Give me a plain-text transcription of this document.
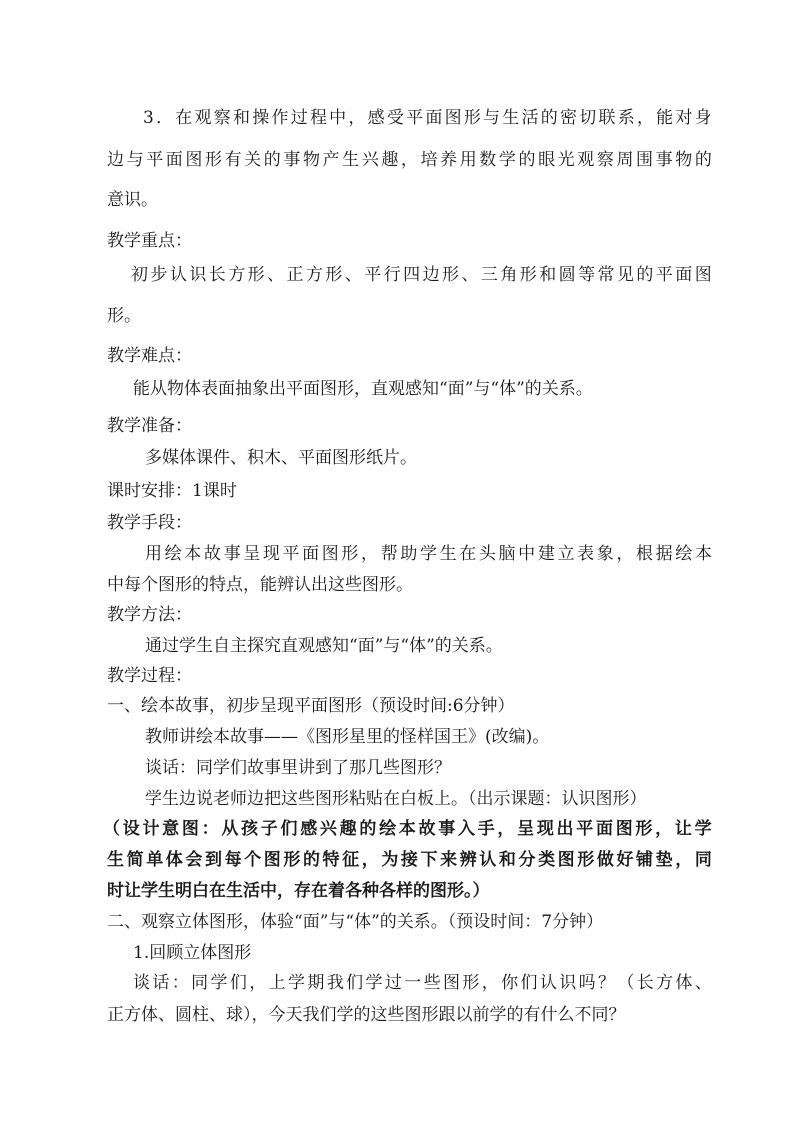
3 ． 在 观 察 和 操 作 过 程 中 ， 感 受 平 面 图 形 与 生 活 的 密 切 联 系 ， 能 对 身
边 与 平 面 图 形 有 关 的 事 物 产 生 兴 趣 ， 培 养 用 数 学 的 眼 光 观 察 周 围 事 物 的
意识。
教学重点：
初 步 认 识 长 方 形 、 正 方 形 、 平 行 四 边 形 、 三 角 形 和 圆 等 常 见 的 平 面 图
形。
教学难点：
能从物体表面抽象出平面图形，直观感知“面”与“体”的关系。
教学准备：
多媒体课件、积木、平面图形纸片。
课时安排：1课时
教学手段：
用 绘 本 故 事 呈 现 平 面 图 形 ， 帮 助 学 生 在 头 脑 中 建 立 表 象 ， 根 据 绘 本
中每个图形的特点，能辨认出这些图形。
教学方法：
通过学生自主探究直观感知“面”与“体”的关系。
教学过程：
一、绘本故事，初步呈现平面图形（预设时间:6分钟）
教师讲绘本故事——《图形星里的怪样国王》(改编)。
谈话：同学们故事里讲到了那几些图形？
学生边说老师边把这些图形粘贴在白板上。（出示课题：认识图形）
（ 设 计 意 图 ： 从 孩 子 们 感 兴 趣 的 绘 本 故 事 入 手 ， 呈 现 出 平 面 图 形 ， 让 学
生 简 单 体 会 到 每 个 图 形 的 特 征 ， 为 接 下 来 辨 认 和 分 类 图 形 做 好 铺 垫 ， 同
时让学生明白在生活中，存在着各种各样的图形。）
二、观察立体图形，体验“面”与“体”的关系。（预设时间：7分钟）
1.回顾立体图形
谈 话 ： 同 学 们 ， 上 学 期 我 们 学 过 一 些 图 形 ， 你 们 认 识 吗 ？ （ 长 方 体 、
正方体、圆柱、球），今天我们学的这些图形跟以前学的有什么不同？
